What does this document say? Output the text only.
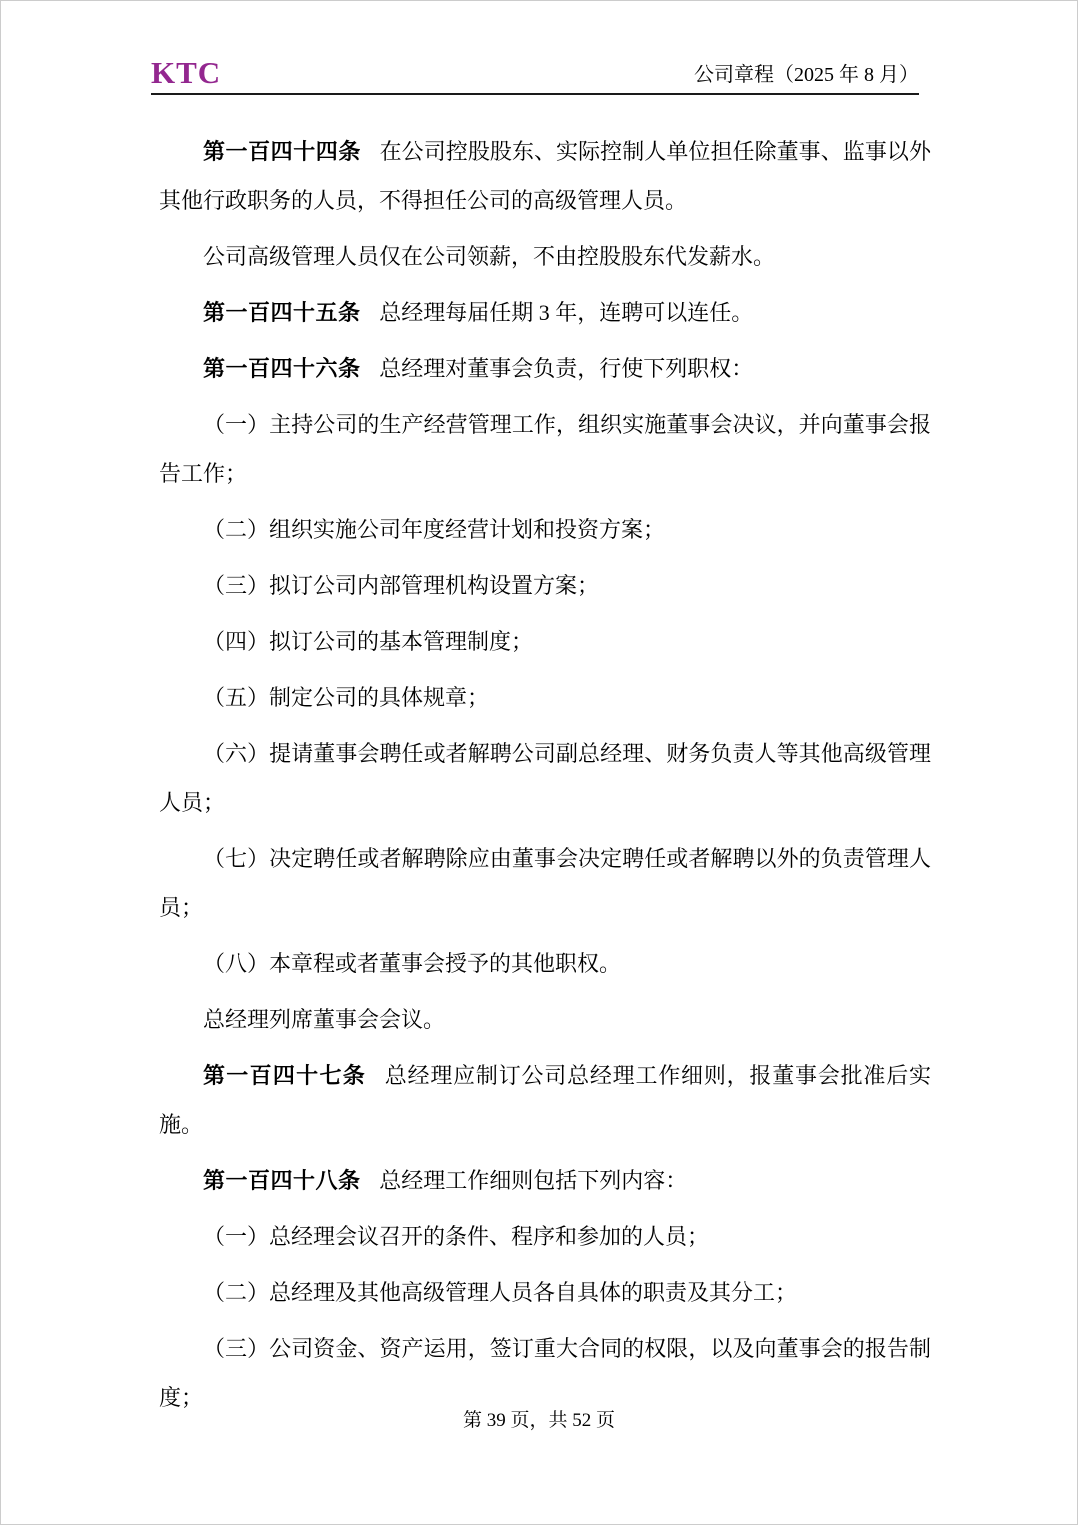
KTC	公司章程（2025 年 8 月）

第一百四十四条 在公司控股股东、实际控制人单位担任除董事、监事以外其他行政职务的人员，不得担任公司的高级管理人员。

公司高级管理人员仅在公司领薪，不由控股股东代发薪水。

第一百四十五条 总经理每届任期 3 年，连聘可以连任。

第一百四十六条 总经理对董事会负责，行使下列职权：

（一）主持公司的生产经营管理工作，组织实施董事会决议，并向董事会报告工作；

（二）组织实施公司年度经营计划和投资方案；

（三）拟订公司内部管理机构设置方案；

（四）拟订公司的基本管理制度；

（五）制定公司的具体规章；

（六）提请董事会聘任或者解聘公司副总经理、财务负责人等其他高级管理人员；

（七）决定聘任或者解聘除应由董事会决定聘任或者解聘以外的负责管理人员；

（八）本章程或者董事会授予的其他职权。

总经理列席董事会会议。

第一百四十七条 总经理应制订公司总经理工作细则，报董事会批准后实施。

第一百四十八条 总经理工作细则包括下列内容：

（一）总经理会议召开的条件、程序和参加的人员；

（二）总经理及其他高级管理人员各自具体的职责及其分工；

（三）公司资金、资产运用，签订重大合同的权限，以及向董事会的报告制度；

第 39 页，共 52 页
